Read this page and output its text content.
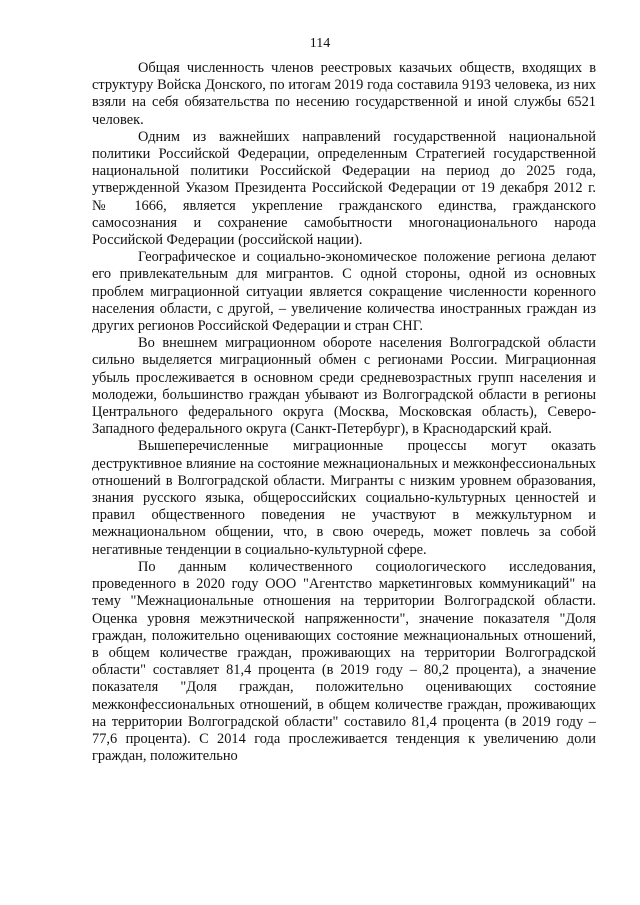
114

Общая численность членов реестровых казачьих обществ, входящих в структуру Войска Донского, по итогам 2019 года составила 9193 человека, из них взяли на себя обязательства по несению государственной и иной службы 6521 человек.

Одним из важнейших направлений государственной национальной политики Российской Федерации, определенным Стратегией государственной национальной политики Российской Федерации на период до 2025 года, утвержденной Указом Президента Российской Федерации от 19 декабря 2012 г. № 1666, является укрепление гражданского единства, гражданского самосознания и сохранение самобытности многонационального народа Российской Федерации (российской нации).

Географическое и социально-экономическое положение региона делают его привлекательным для мигрантов. С одной стороны, одной из основных проблем миграционной ситуации является сокращение численности коренного населения области, с другой, – увеличение количества иностранных граждан из других регионов Российской Федерации и стран СНГ.

Во внешнем миграционном обороте населения Волгоградской области сильно выделяется миграционный обмен с регионами России. Миграционная убыль прослеживается в основном среди средневозрастных групп населения и молодежи, большинство граждан убывают из Волгоградской области в регионы Центрального федерального округа (Москва, Московская область), Северо-Западного федерального округа (Санкт-Петербург), в Краснодарский край.

Вышеперечисленные миграционные процессы могут оказать деструктивное влияние на состояние межнациональных и межконфессиональных отношений в Волгоградской области. Мигранты с низким уровнем образования, знания русского языка, общероссийских социально-культурных ценностей и правил общественного поведения не участвуют в межкультурном и межнациональном общении, что, в свою очередь, может повлечь за собой негативные тенденции в социально-культурной сфере.

По данным количественного социологического исследования, проведенного в 2020 году ООО "Агентство маркетинговых коммуникаций" на тему "Межнациональные отношения на территории Волгоградской области. Оценка уровня межэтнической напряженности", значение показателя "Доля граждан, положительно оценивающих состояние межнациональных отношений, в общем количестве граждан, проживающих на территории Волгоградской области" составляет 81,4 процента (в 2019 году – 80,2 процента), а значение показателя "Доля граждан, положительно оценивающих состояние межконфессиональных отношений, в общем количестве граждан, проживающих на территории Волгоградской области" составило 81,4 процента (в 2019 году – 77,6 процента). С 2014 года прослеживается тенденция к увеличению доли граждан, положительно
